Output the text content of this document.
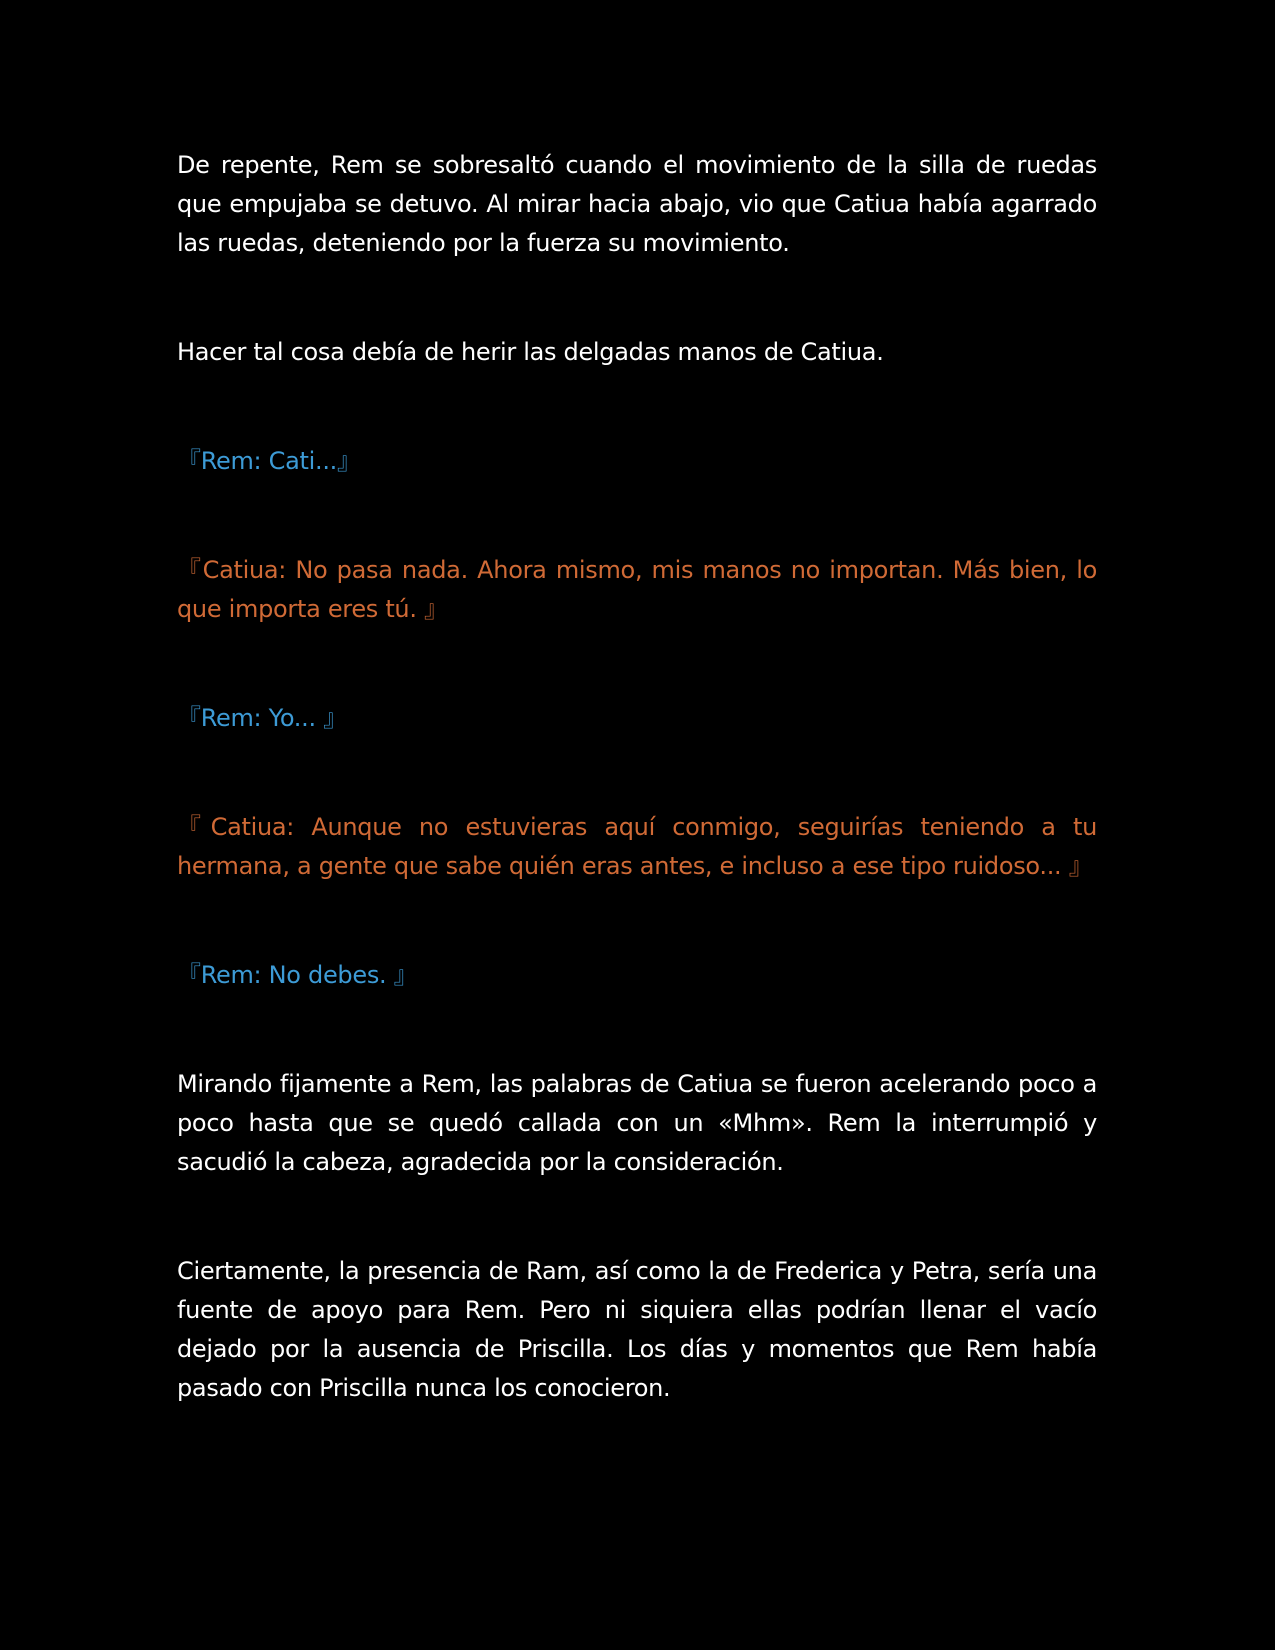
De repente, Rem se sobresaltó cuando el movimiento de la silla de ruedas que empujaba se detuvo. Al mirar hacia abajo, vio que Catiua había agarrado las ruedas, deteniendo por la fuerza su movimiento.

Hacer tal cosa debía de herir las delgadas manos de Catiua.

『Rem: Cati...』

『Catiua: No pasa nada. Ahora mismo, mis manos no importan. Más bien, lo que importa eres tú. 』

『Rem: Yo... 』

『Catiua: Aunque no estuvieras aquí conmigo, seguirías teniendo a tu hermana, a gente que sabe quién eras antes, e incluso a ese tipo ruidoso... 』

『Rem: No debes. 』

Mirando fijamente a Rem, las palabras de Catiua se fueron acelerando poco a poco hasta que se quedó callada con un «Mhm». Rem la interrumpió y sacudió la cabeza, agradecida por la consideración.

Ciertamente, la presencia de Ram, así como la de Frederica y Petra, sería una fuente de apoyo para Rem. Pero ni siquiera ellas podrían llenar el vacío dejado por la ausencia de Priscilla. Los días y momentos que Rem había pasado con Priscilla nunca los conocieron.
